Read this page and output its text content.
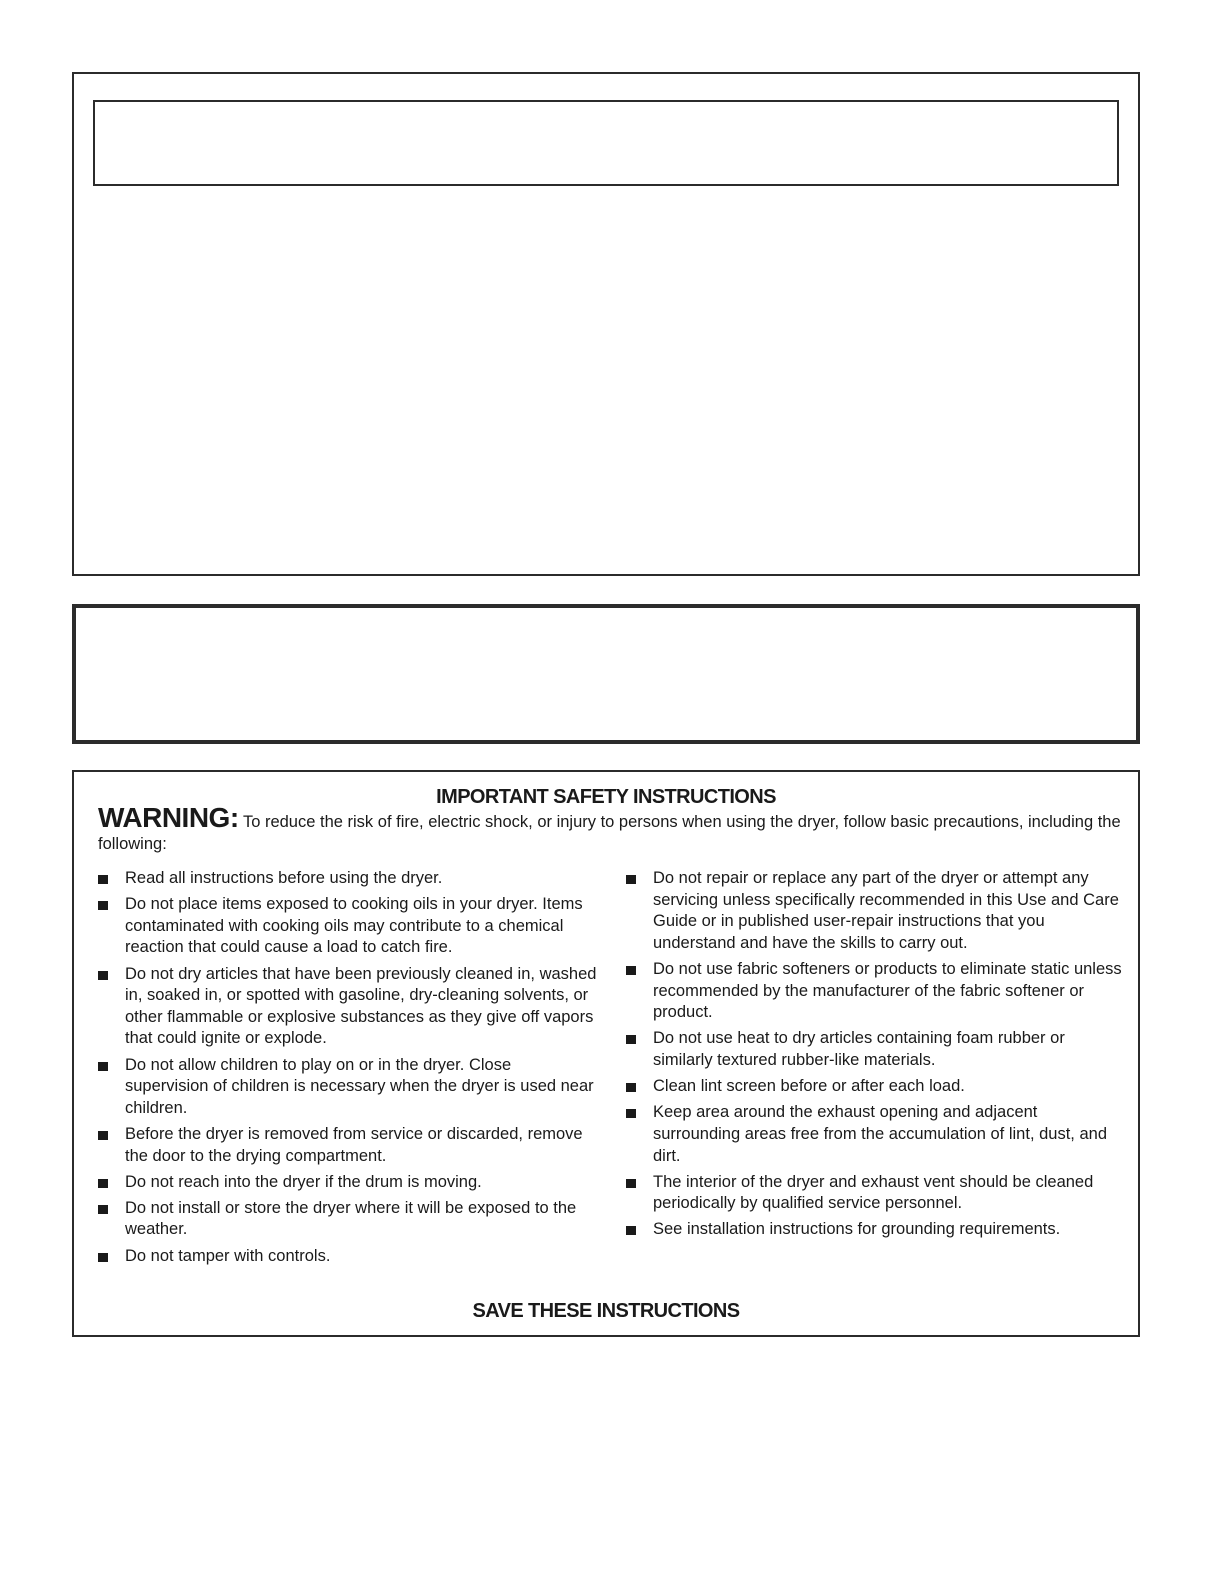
IMPORTANT SAFETY INSTRUCTIONS

WARNING: To reduce the risk of fire, electric shock, or injury to persons when using the dryer, follow basic precautions, including the following:

Read all instructions before using the dryer.
Do not place items exposed to cooking oils in your dryer. Items contaminated with cooking oils may contribute to a chemical reaction that could cause a load to catch fire.
Do not dry articles that have been previously cleaned in, washed in, soaked in, or spotted with gasoline, dry-cleaning solvents, or other flammable or explosive substances as they give off vapors that could ignite or explode.
Do not allow children to play on or in the dryer. Close supervision of children is necessary when the dryer is used near children.
Before the dryer is removed from service or discarded, remove the door to the drying compartment.
Do not reach into the dryer if the drum is moving.
Do not install or store the dryer where it will be exposed to the weather.
Do not tamper with controls.
Do not repair or replace any part of the dryer or attempt any servicing unless specifically recommended in this Use and Care Guide or in published user-repair instructions that you understand and have the skills to carry out.
Do not use fabric softeners or products to eliminate static unless recommended by the manufacturer of the fabric softener or product.
Do not use heat to dry articles containing foam rubber or similarly textured rubber-like materials.
Clean lint screen before or after each load.
Keep area around the exhaust opening and adjacent surrounding areas free from the accumulation of lint, dust, and dirt.
The interior of the dryer and exhaust vent should be cleaned periodically by qualified service personnel.
See installation instructions for grounding requirements.
SAVE THESE INSTRUCTIONS
